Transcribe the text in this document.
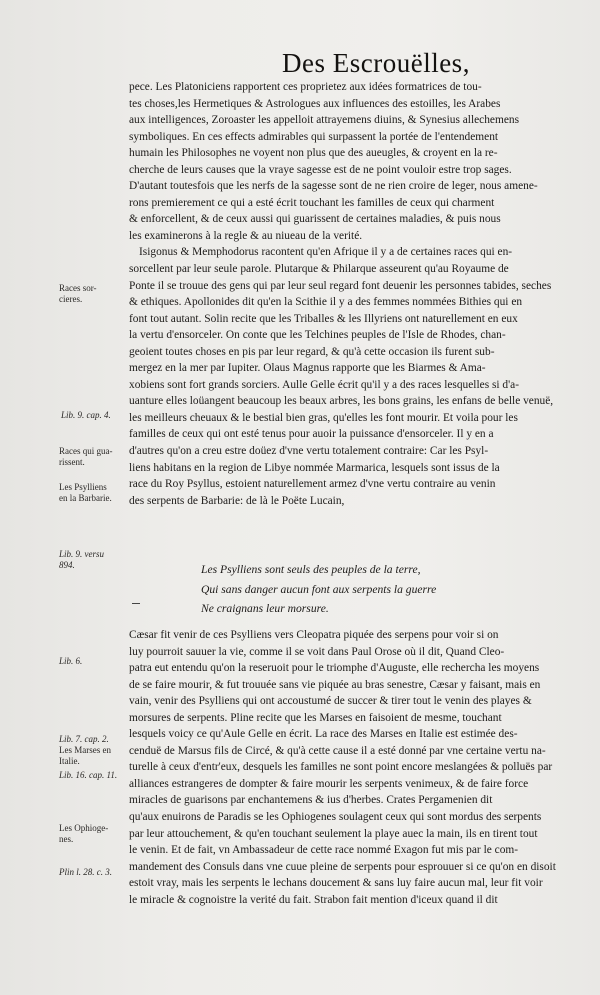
Des Escrouëlles,
pece. Les Platoniciens rapportent ces proprietez aux idées formatrices de tou-
tes choses,les Hermetiques & Astrologues aux influences des estoilles, les Arabes
aux intelligences, Zoroaster les appelloit attrayemens diuins, & Synesius allechemens
symboliques. En ces effects admirables qui surpassent la portée de l'entendement
humain les Philosophes ne voyent non plus que des aueugles, & croyent en la re-
cherche de leurs causes que la vraye sagesse est de ne point vouloir estre trop sages.
D'autant toutesfois que les nerfs de la sagesse sont de ne rien croire de leger, nous amene-
rons premierement ce qui a esté écrit touchant les familles de ceux qui charment
& enforcellent, & de ceux aussi qui guarissent de certaines maladies, & puis nous
les examinerons à la regle & au niueau de la verité.
Isigonus & Memphodorus racontent qu'en Afrique il y a de certaines races qui en-
sorcellent par leur seule parole. Plutarque & Philarque asseurent qu'au Royaume de
Ponte il se trouue des gens qui par leur seul regard font deuenir les personnes tabides, seches
& ethiques. Apollonides dit qu'en la Scithie il y a des femmes nommées Bithies qui en
font tout autant. Solin recite que les Triballes & les Illyriens ont naturellement en eux
la vertu d'ensorceler. On conte que les Telchines peuples de l'Isle de Rhodes, chan-
geoient toutes choses en pis par leur regard, & qu'à cette occasion ils furent sub-
mergez en la mer par Iupiter. Olaus Magnus rapporte que les Biarmes & Ama-
xobiens sont fort grands sorciers. Aulle Gelle écrit qu'il y a des races lesquelles si d'a-
uanture elles loüangent beaucoup les beaux arbres, les bons grains, les enfans de belle venuë,
les meilleurs cheuaux & le bestial bien gras, qu'elles les font mourir. Et voila pour les
familles de ceux qui ont esté tenus pour auoir la puissance d'ensorceler. Il y en a
d'autres qu'on a creu estre doüez d'vne vertu totalement contraire: Car les Psyl-
liens habitans en la region de Libye nommée Marmarica, lesquels sont issus de la
race du Roy Psyllus, estoient naturellement armez d'vne vertu contraire au venin
des serpents de Barbarie: de là le Poëte Lucain,
Les Psylliens sont seuls des peuples de la terre,
Qui sans danger aucun font aux serpents la guerre
Ne craignans leur morsure.
Cæsar fit venir de ces Psylliens vers Cleopatra piquée des serpens pour voir si on
luy pourroit sauuer la vie, comme il se voit dans Paul Orose où il dit, Quand Cleo-
patra eut entendu qu'on la reseruoit pour le triomphe d'Auguste, elle rechercha les moyens
de se faire mourir, & fut trouuée sans vie piquée au bras senestre, Cæsar y faisant, mais en
vain, venir des Psylliens qui ont accoustumé de succer & tirer tout le venin des playes &
morsures de serpents. Pline recite que les Marses en faisoient de mesme, touchant
lesquels voicy ce qu'Aule Gelle en écrit. La race des Marses en Italie est estimée des-
cenduë de Marsus fils de Circé, & qu'à cette cause il a esté donné par vne certaine vertu na-
turelle à ceux d'entr'eux, desquels les familles ne sont point encore meslangées & polluës par
alliances estrangeres de dompter & faire mourir les serpents venimeux, & de faire force
miracles de guarisons par enchantemens & ius d'herbes. Crates Pergamenien dit
qu'aux enuirons de Paradis se les Ophiogenes soulagent ceux qui sont mordus des serpents
par leur attouchement, & qu'en touchant seulement la playe auec la main, ils en tirent tout
le venin. Et de fait, vn Ambassadeur de cette race nommé Exagon fut mis par le com-
mandement des Consuls dans vne cuue pleine de serpents pour esprouuer si ce qu'on en disoit
estoit vray, mais les serpents le lechans doucement & sans luy faire aucun mal, leur fit voir
le miracle & cognoistre la verité du fait. Strabon fait mention d'iceux quand il dit
Races sor-
cieres.
Lib. 9. cap. 4.
Races qui gua-
rissent.
Les Psylliens
en la Barbarie.
Lib. 9. versu
894.
Lib. 6.
Lib. 7. cap. 2.
Les Marses en
Italie.
Lib. 16. cap. 11.
Les Ophioge-
nes.
Plin l. 28. c. 3.
